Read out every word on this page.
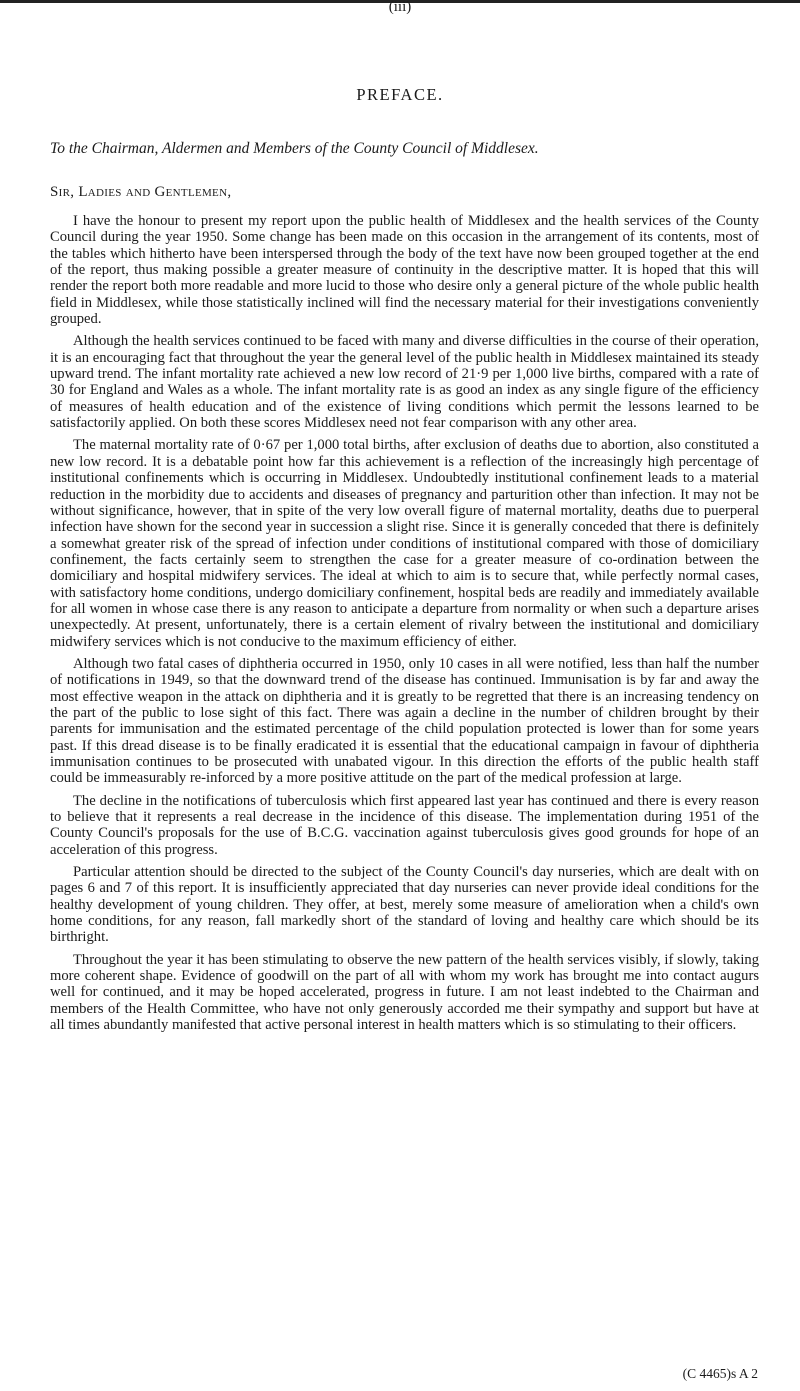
(iii)
PREFACE.

To the Chairman, Aldermen and Members of the County Council of Middlesex.

Sir, Ladies and Gentlemen,

I have the honour to present my report upon the public health of Middlesex and the health services of the County Council during the year 1950. Some change has been made on this occasion in the arrangement of its contents, most of the tables which hitherto have been interspersed through the body of the text have now been grouped together at the end of the report, thus making possible a greater measure of continuity in the descriptive matter. It is hoped that this will render the report both more readable and more lucid to those who desire only a general picture of the whole public health field in Middlesex, while those statistically inclined will find the necessary material for their investigations conveniently grouped.

Although the health services continued to be faced with many and diverse difficulties in the course of their operation, it is an encouraging fact that throughout the year the general level of the public health in Middlesex maintained its steady upward trend. The infant mortality rate achieved a new low record of 21·9 per 1,000 live births, compared with a rate of 30 for England and Wales as a whole. The infant mortality rate is as good an index as any single figure of the efficiency of measures of health education and of the existence of living conditions which permit the lessons learned to be satisfactorily applied. On both these scores Middlesex need not fear comparison with any other area.

The maternal mortality rate of 0·67 per 1,000 total births, after exclusion of deaths due to abortion, also constituted a new low record. It is a debatable point how far this achievement is a reflection of the increasingly high percentage of institutional confinements which is occurring in Middlesex. Undoubtedly institutional confinement leads to a material reduction in the morbidity due to accidents and diseases of pregnancy and parturition other than infection. It may not be without significance, however, that in spite of the very low overall figure of maternal mortality, deaths due to puerperal infection have shown for the second year in succession a slight rise. Since it is generally conceded that there is definitely a somewhat greater risk of the spread of infection under conditions of institutional compared with those of domiciliary confinement, the facts certainly seem to strengthen the case for a greater measure of co-ordination between the domiciliary and hospital midwifery services. The ideal at which to aim is to secure that, while perfectly normal cases, with satisfactory home conditions, undergo domiciliary confinement, hospital beds are readily and immediately available for all women in whose case there is any reason to anticipate a departure from normality or when such a departure arises unexpectedly. At present, unfortunately, there is a certain element of rivalry between the institutional and domiciliary midwifery services which is not conducive to the maximum efficiency of either.

Although two fatal cases of diphtheria occurred in 1950, only 10 cases in all were notified, less than half the number of notifications in 1949, so that the downward trend of the disease has continued. Immunisation is by far and away the most effective weapon in the attack on diphtheria and it is greatly to be regretted that there is an increasing tendency on the part of the public to lose sight of this fact. There was again a decline in the number of children brought by their parents for immunisation and the estimated percentage of the child population protected is lower than for some years past. If this dread disease is to be finally eradicated it is essential that the educational campaign in favour of diphtheria immunisation continues to be prosecuted with unabated vigour. In this direction the efforts of the public health staff could be immeasurably re-inforced by a more positive attitude on the part of the medical profession at large.

The decline in the notifications of tuberculosis which first appeared last year has continued and there is every reason to believe that it represents a real decrease in the incidence of this disease. The implementation during 1951 of the County Council's proposals for the use of B.C.G. vaccination against tuberculosis gives good grounds for hope of an acceleration of this progress.

Particular attention should be directed to the subject of the County Council's day nurseries, which are dealt with on pages 6 and 7 of this report. It is insufficiently appreciated that day nurseries can never provide ideal conditions for the healthy development of young children. They offer, at best, merely some measure of amelioration when a child's own home conditions, for any reason, fall markedly short of the standard of loving and healthy care which should be its birthright.

Throughout the year it has been stimulating to observe the new pattern of the health services visibly, if slowly, taking more coherent shape. Evidence of goodwill on the part of all with whom my work has brought me into contact augurs well for continued, and it may be hoped accelerated, progress in future. I am not least indebted to the Chairman and members of the Health Committee, who have not only generously accorded me their sympathy and support but have at all times abundantly manifested that active personal interest in health matters which is so stimulating to their officers.

(C 4465)s A 2
